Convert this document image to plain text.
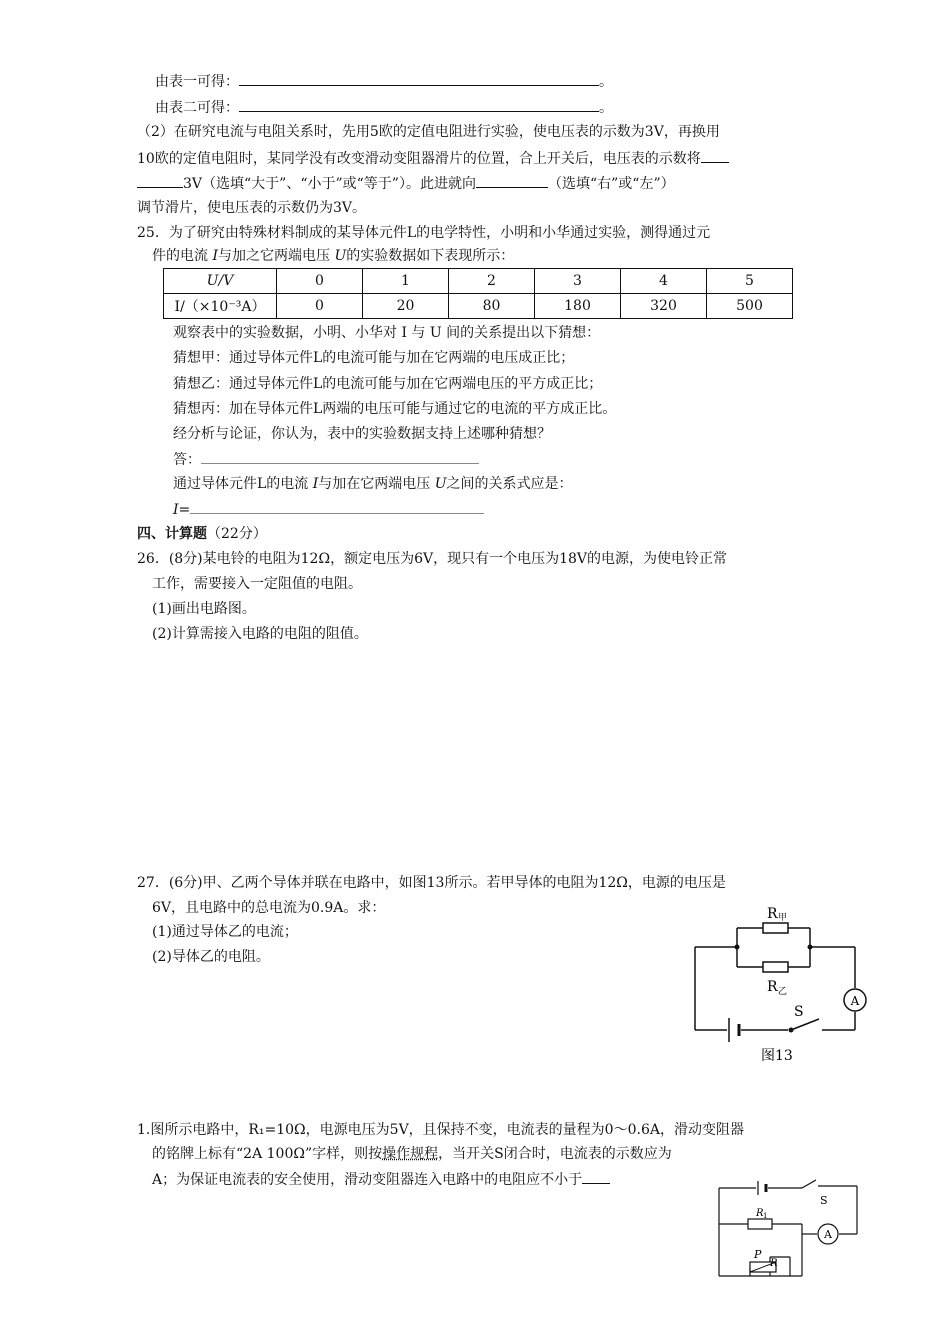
由表一可得：	。
由表二可得：	。
（2）在研究电流与电阻关系时，先用5欧的定值电阻进行实验，使电压表的示数为3V，再换用
10欧的定值电阻时，某同学没有改变滑动变阻器滑片的位置，合上开关后，电压表的示数将
3V（选填“大于”、“小于”或“等于”）。此进就向	（选填“右”或“左”）
调节滑片，使电压表的示数仍为3V。
25．为了研究由特殊材料制成的某导体元件L的电学特性，小明和小华通过实验，测得通过元
件的电流 I与加之它两端电压 U的实验数据如下表现所示：
U/V	0	1	2	3	4	5
I/（×10⁻³A）	0	20	80	180	320	500
观察表中的实验数据，小明、小华对 I 与 U 间的关系提出以下猜想：
猜想甲：通过导体元件L的电流可能与加在它两端的电压成正比；
猜想乙：通过导体元件L的电流可能与加在它两端电压的平方成正比；
猜想丙：加在导体元件L两端的电压可能与通过它的电流的平方成正比。
经分析与论证，你认为，表中的实验数据支持上述哪种猜想？
答：
通过导体元件L的电流 I与加在它两端电压 U之间的关系式应是：
I=
四、计算题（22分）
26．(8分)某电铃的电阻为12Ω，额定电压为6V，现只有一个电压为18V的电源，为使电铃正常
工作，需要接入一定阻值的电阻。
(1)画出电路图。
(2)计算需接入电路的电阻的阻值。
27．(6分)甲、乙两个导体并联在电路中，如图13所示。若甲导体的电阻为12Ω，电源的电压是
6V，且电路中的总电流为0.9A。求：
(1)通过导体乙的电流；
(2)导体乙的电阻。
A
R 甲
R 乙
S
图13
1.图所示电路中，R₁=10Ω，电源电压为5V，且保持不变，电流表的量程为0～0.6A，滑动变阻器
的铭牌上标有“2A 100Ω”字样，则按操作规程，当开关S闭合时，电流表的示数应为
A；为保证电流表的安全使用，滑动变阻器连入电路中的电阻应不小于
A
S
R 1
P
R
